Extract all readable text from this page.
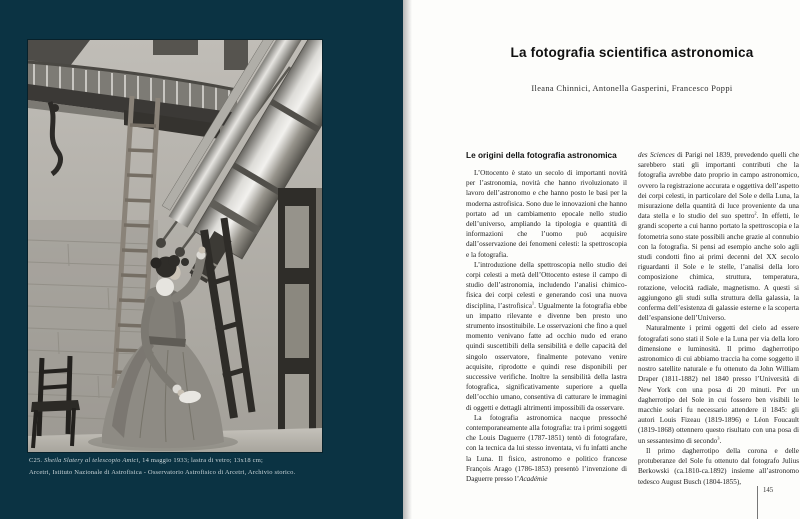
C25. Sheila Slatery al telescopio Amici, 14 maggio 1933; lastra di vetro; 13x18 cm;
Arcetri, Istituto Nazionale di Astrofisica - Osservatorio Astrofisico di Arcetri, Archivio storico.
La fotografia scientifica astronomica
Ileana Chinnici, Antonella Gasperini, Francesco Poppi
Le origini della fotografia astronomica

L’Ottocento è stato un secolo di importanti novità per l’astronomia, novità che hanno rivoluzionato il lavoro dell’astronomo e che hanno posto le basi per la moderna astrofisica. Sono due le innovazioni che hanno portato ad un cambiamento epocale nello studio dell’universo, ampliando la tipologia e quantità di informazioni che l’uomo può acquisire dall’osservazione dei fenomeni celesti: la spettroscopia e la fotografia.

L’introduzione della spettroscopia nello studio dei corpi celesti a metà dell’Ottocento estese il campo di studio dell’astronomia, includendo l’analisi chimico-fisica dei corpi celesti e generando così una nuova disciplina, l’astrofisica$^1$. Ugualmente la fotografia ebbe un impatto rilevante e divenne ben presto uno strumento insostituibile. Le osservazioni che fino a quel momento venivano fatte ad occhio nudo ed erano quindi suscettibili della sensibilità e delle capacità del singolo osservatore, finalmente potevano venire acquisite, riprodotte e quindi rese disponibili per successive verifiche. Inoltre la sensibilità della lastra fotografica, significativamente superiore a quella dell’occhio umano, consentiva di catturare le immagini di oggetti e dettagli altrimenti impossibili da osservare.

La fotografia astronomica nacque pressoché contemporaneamente alla fotografia: tra i primi soggetti che Louis Daguerre (1787-1851) tentò di fotografare, con la tecnica da lui stesso inventata, vi fu infatti anche la Luna. Il fisico, astronomo e politico francese François Arago (1786-1853) presentò l’invenzione di Daguerre presso l’Académie

des Sciences di Parigi nel 1839, prevedendo quelli che sarebbero stati gli importanti contributi che la fotografia avrebbe dato proprio in campo astronomico, ovvero la registrazione accurata e oggettiva dell’aspetto dei corpi celesti, in particolare del Sole e della Luna, la misurazione della quantità di luce proveniente da una data stella e lo studio del suo spettro$^2$. In effetti, le grandi scoperte a cui hanno portato la spettroscopia e la fotometria sono state possibili anche grazie al connubio con la fotografia. Si pensi ad esempio anche solo agli studi condotti fino ai primi decenni del XX secolo riguardanti il Sole e le stelle, l’analisi della loro composizione chimica, struttura, temperatura, rotazione, velocità radiale, magnetismo. A questi si aggiungono gli studi sulla struttura della galassia, la conferma dell’esistenza di galassie esterne e la scoperta dell’espansione dell’Universo.

Naturalmente i primi oggetti del cielo ad essere fotografati sono stati il Sole e la Luna per via della loro dimensione e luminosità. Il primo dagherrotipo astronomico di cui abbiamo traccia ha come soggetto il nostro satellite naturale e fu ottenuto da John William Draper (1811-1882) nel 1840 presso l’Università di New York con una posa di 20 minuti. Per un dagherrotipo del Sole in cui fossero ben visibili le macchie solari fu necessario attendere il 1845: gli autori Louis Fizeau (1819-1896) e Léon Foucault (1819-1868) ottennero questo risultato con una posa di un sessantesimo di secondo$^3$.

Il primo dagherrotipo della corona e delle protuberanze del Sole fu ottenuto dal fotografo Julius Berkowski (ca.1810-ca.1892) insieme all’astronomo tedesco August Busch (1804-1855),

145
